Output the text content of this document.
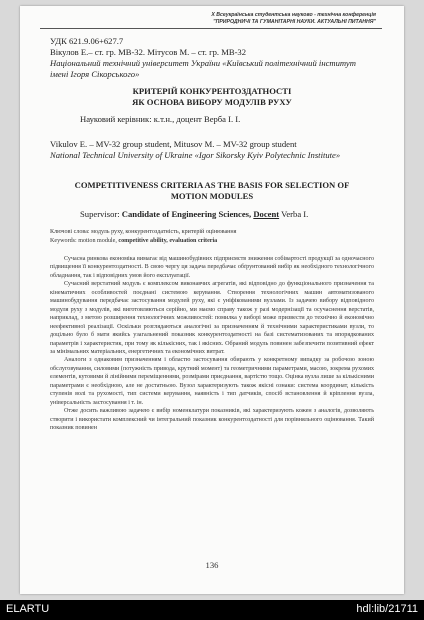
X Всеукраїнська студентська науково - технічна конференція
"ПРИРОДНИЧІ ТА ГУМАНІТАРНІ НАУКИ. АКТУАЛЬНІ ПИТАННЯ"
УДК 621.9.06+627.7
Вікулов Е.– ст. гр. МВ-32. Мітусов М. – ст. гр. МВ-32
Національний технічний університет України «Київський політехнічний інститут імені Ігоря Сікорського»
КРИТЕРІЙ КОНКУРЕНТОЗДАТНОСТІ
ЯК ОСНОВА ВИБОРУ МОДУЛІВ РУХУ
Науковий керівник: к.т.н., доцент Верба І. І.
Vikulov E. – MV-32 group student, Mitusov M. – MV-32 group student
National Technical University of Ukraine «Igor Sikorsky Kyiv Polytechnic Institute»
COMPETITIVENESS CRITERIA AS THE BASIS FOR SELECTION OF
MOTION MODULES
Supervisor: Candidate of Engineering Sciences, Docent Verba I.
Ключові слова: модуль руху, конкурентоздатність, критерій оцінювання
Keywords: motion module, competitive ability, evaluation criteria

Сучасна ринкова економіка вимагає від машинобудівних підприємств зниження собівартості продукції за одночасного підвищення її конкурентоздатності. В свою чергу ця задача передбачає обґрунтований вибір як необхідного технологічного обладнання, так і відповідних умов його експлуатації.

Сучасний верстатний модуль є комплексом виконавчих агрегатів, які відповідно до функціонального призначення та кінематичних особливостей поєднані системою керування. Створення технологічних машин автоматизованого машинобудування передбачає застосування модулей руху, які є уніфікованими вузлами. Із задачею вибору відповідного модуля руху з модулів, які виготовляються серійно, ми маємо справу також у разі модернізації та осучаснення верстатів, наприклад, з метою розширення технологічних можливостей: помилка у виборі може призвести до технічно й економічно неефективної реалізації. Оскільки розглядаються аналогічні за призначенням й технічними характеристиками вузли, то доцільно було б мати якийсь узагальнений показник конкурентоздатності на базі систематизованих та впорядкованих параметрів і характеристик, при тому як кількісних, так і якісних. Обраний модуль повинен забезпечити позитивний ефект за мінімальних матеріальних, енергетичних та економічних витрат.

Аналоги з однаковим призначенням і областю застосування обирають у конкретному випадку за робочою зоною обслуговування, силовими (потужність привода, крутний момент) та геометричними параметрами, масою, зокрема рухомих елементів, кутовими й лінійними переміщеннями, розмірами приєднання, вартістю тощо. Оцінка вузла лише за кількісними параметрами є необхідною, але не достатньою. Вузол характеризують також якісні ознаки: система координат, кількість ступенів волі та рухомості, тип системи керування, наявність і тип датчиків, спосіб встановлення й кріплення вузла, універсальність застосування і т. ін.

Отже досить важливою задачею є вибір номенклатури показників, які характеризують кожен з аналогів, дозволяють створити і використати комплексний чи інтегральний показник конкурентоздатності для порівняльного оцінювання. Такий показник повинен

136
ELARTU	hdl:lib/21711
